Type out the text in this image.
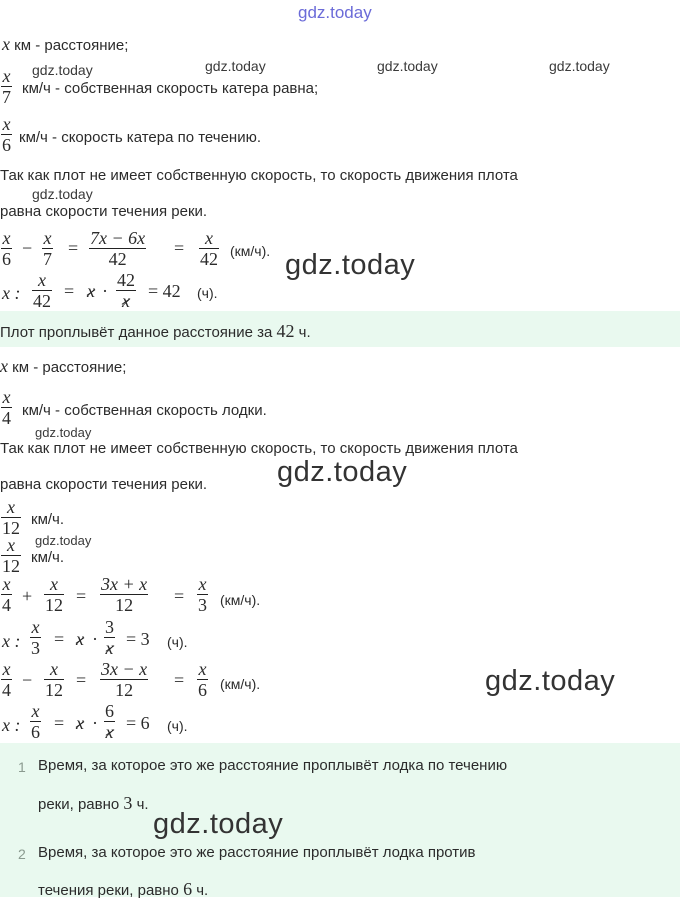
gdz.today
gdz.today	gdz.today	gdz.today	gdz.today
gdz.today
gdz.today
gdz.today
gdz.today
gdz.today
gdz.today
x км - расстояние;
$\frac{x}{7} км/ч$ - собственная скорость катера равна;
$\frac{x}{6} км/ч$ - скорость катера по течению.
Так как плот не имеет собственную скорость, то скорость движения плота
равна скорости течения реки.
$\frac{x}{6} - \frac{x}{7} = \frac{7x - 6x}{42} = \frac{x}{42} (км/ч)$.
x : $\frac{x}{42} = x \cdot \frac{42}{x} = 42$ (ч).
Плот проплывёт данное расстояние за 42 ч.
x км - расстояние;
$\frac{x}{4} км/ч$ - собственная скорость лодки.
Так как плот не имеет собственную скорость, то скорость движения плота
равна скорости течения реки.
$\frac{x}{12} км/ч$.
$\frac{x}{12} км/ч$.
$\frac{x}{4} + \frac{x}{12} = \frac{3x + x}{12} = \frac{x}{3} (км/ч)$.
x : $\frac{x}{3} = x \cdot \frac{3}{x} = 3$ (ч).
$\frac{x}{4} - \frac{x}{12} = \frac{3x - x}{12} = \frac{x}{6} (км/ч)$.
x : $\frac{x}{6} = x \cdot \frac{6}{x} = 6$ (ч).
1 Время, за которое это же расстояние проплывёт лодка по течению
реки, равно 3 ч.
gdz.today
2 Время, за которое это же расстояние проплывёт лодка против
течения реки, равно 6 ч.
